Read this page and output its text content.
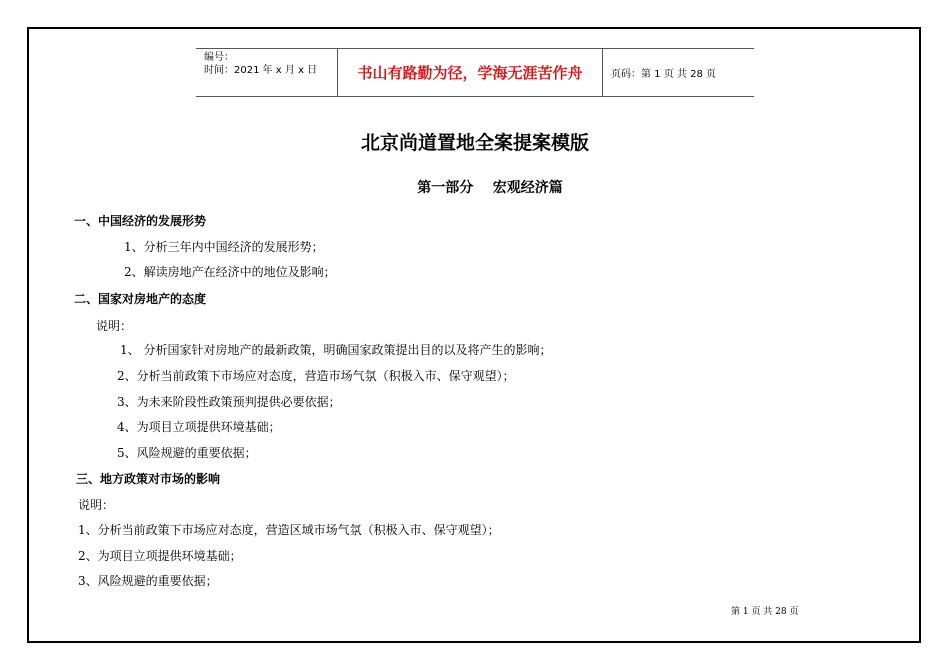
编号：
时间：2021 年 x 月 x 日	书山有路勤为径，学海无涯苦作舟	页码：第 1 页 共 28 页
北京尚道置地全案提案模版
第一部分    宏观经济篇
一、中国经济的发展形势
1、分析三年内中国经济的发展形势；
2、解读房地产在经济中的地位及影响；
二、国家对房地产的态度
说明：
1、 分析国家针对房地产的最新政策，明确国家政策提出目的以及将产生的影响；
2、分析当前政策下市场应对态度，营造市场气氛（积极入市、保守观望）；
3、为未来阶段性政策预判提供必要依据；
4、为项目立项提供环境基础；
5、风险规避的重要依据；
三、地方政策对市场的影响
说明：
1、分析当前政策下市场应对态度，营造区域市场气氛（积极入市、保守观望）；
2、为项目立项提供环境基础；
3、风险规避的重要依据；
第 1 页 共 28 页
